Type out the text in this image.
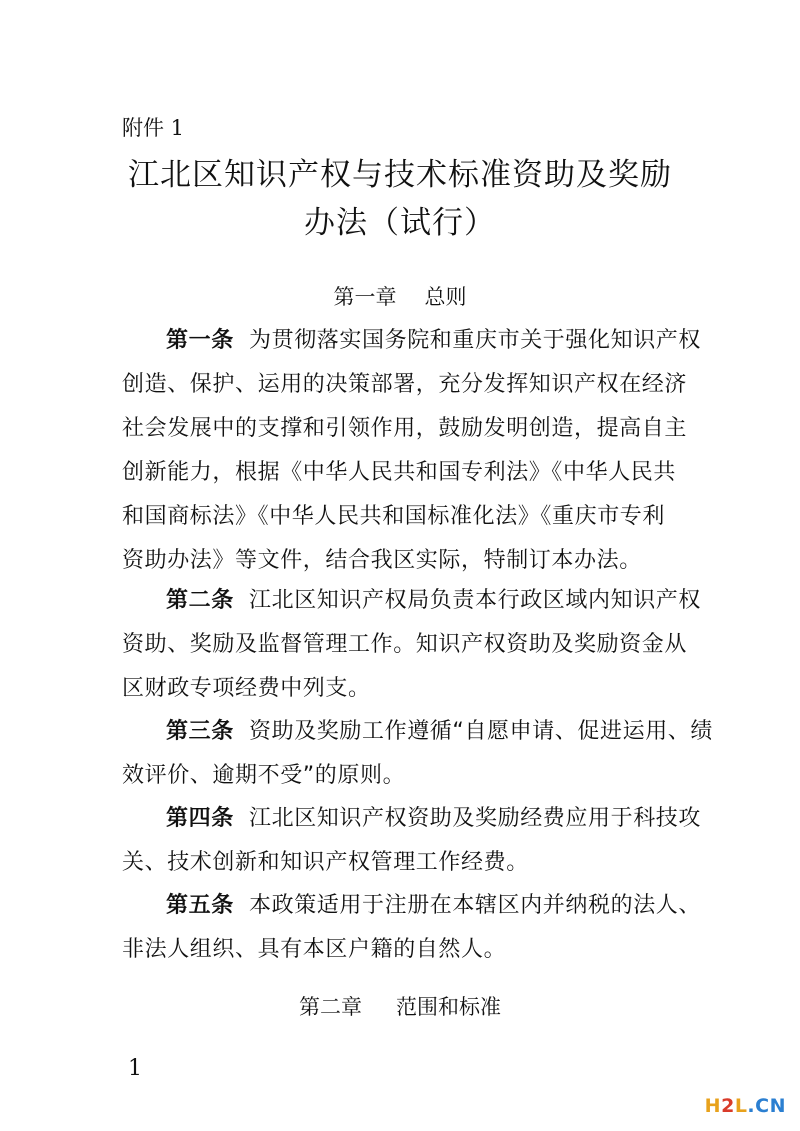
附件 1

江北区知识产权与技术标准资助及奖励
办法（试行）

第一章 总则

第一条 为贯彻落实国务院和重庆市关于强化知识产权

创造、保护、运用的决策部署，充分发挥知识产权在经济

社会发展中的支撑和引领作用，鼓励发明创造，提高自主

创新能力，根据《中华人民共和国专利法》《中华人民共

和国商标法》《中华人民共和国标准化法》《重庆市专利

资助办法》等文件，结合我区实际，特制订本办法。

第二条 江北区知识产权局负责本行政区域内知识产权

资助、奖励及监督管理工作。知识产权资助及奖励资金从

区财政专项经费中列支。

第三条 资助及奖励工作遵循“自愿申请、促进运用、绩

效评价、逾期不受”的原则。

第四条 江北区知识产权资助及奖励经费应用于科技攻

关、技术创新和知识产权管理工作经费。

第五条 本政策适用于注册在本辖区内并纳税的法人、

非法人组织、具有本区户籍的自然人。

第二章 范围和标准

1

H2L.CN
